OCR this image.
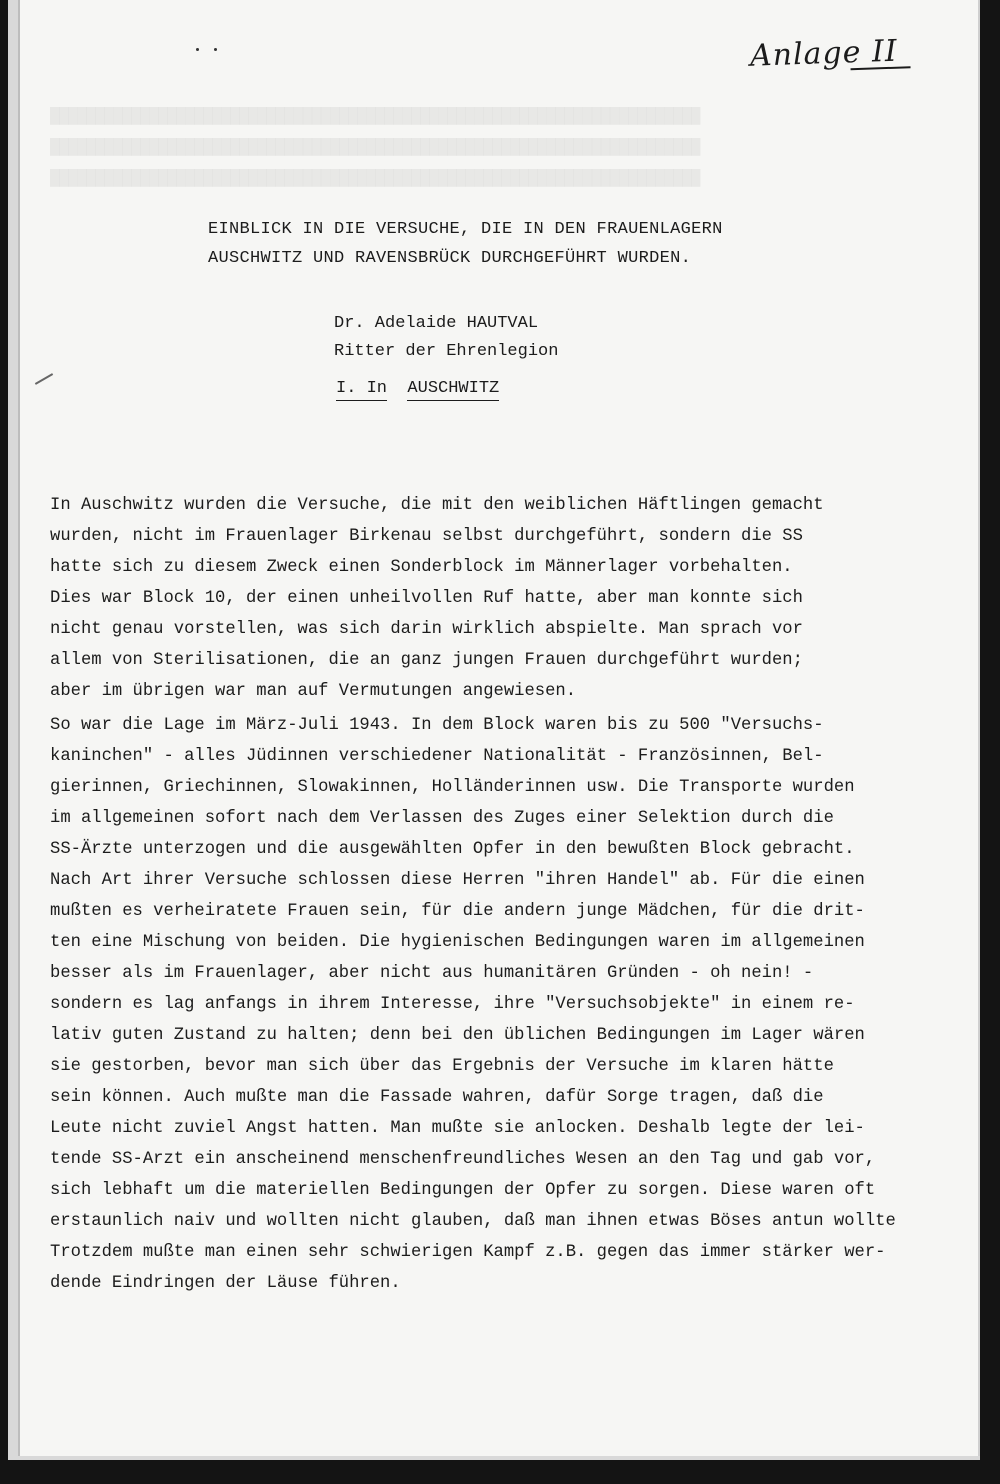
████████████████████████████████████████████████████████████████████████
████████████████████████████████████████████████████████████████████████
████████████████████████████████████████████████████████████████████████

Anlage II
EINBLICK IN DIE VERSUCHE, DIE IN DEN FRAUENLAGERN
AUSCHWITZ UND RAVENSBRÜCK DURCHGEFÜHRT WURDEN.
Dr. Adelaide HAUTVAL
Ritter der Ehrenlegion
I. In AUSCHWITZ
In Auschwitz wurden die Versuche, die mit den weiblichen Häftlingen gemacht
wurden, nicht im Frauenlager Birkenau selbst durchgeführt, sondern die SS
hatte sich zu diesem Zweck einen Sonderblock im Männerlager vorbehalten.
Dies war Block 10, der einen unheilvollen Ruf hatte, aber man konnte sich
nicht genau vorstellen, was sich darin wirklich abspielte. Man sprach vor
allem von Sterilisationen, die an ganz jungen Frauen durchgeführt wurden;
aber im übrigen war man auf Vermutungen angewiesen.
So war die Lage im März-Juli 1943. In dem Block waren bis zu 500 "Versuchs-
kaninchen" - alles Jüdinnen verschiedener Nationalität - Französinnen, Bel-
gierinnen, Griechinnen, Slowakinnen, Holländerinnen usw. Die Transporte wurden
im allgemeinen sofort nach dem Verlassen des Zuges einer Selektion durch die
SS-Ärzte unterzogen und die ausgewählten Opfer in den bewußten Block gebracht.
Nach Art ihrer Versuche schlossen diese Herren "ihren Handel" ab. Für die einen
mußten es verheiratete Frauen sein, für die andern junge Mädchen, für die drit-
ten eine Mischung von beiden. Die hygienischen Bedingungen waren im allgemeinen
besser als im Frauenlager, aber nicht aus humanitären Gründen - oh nein! -
sondern es lag anfangs in ihrem Interesse, ihre "Versuchsobjekte" in einem re-
lativ guten Zustand zu halten; denn bei den üblichen Bedingungen im Lager wären
sie gestorben, bevor man sich über das Ergebnis der Versuche im klaren hätte
sein können. Auch mußte man die Fassade wahren, dafür Sorge tragen, daß die
Leute nicht zuviel Angst hatten. Man mußte sie anlocken. Deshalb legte der lei-
tende SS-Arzt ein anscheinend menschenfreundliches Wesen an den Tag und gab vor,
sich lebhaft um die materiellen Bedingungen der Opfer zu sorgen. Diese waren oft
erstaunlich naiv und wollten nicht glauben, daß man ihnen etwas Böses antun wollte
Trotzdem mußte man einen sehr schwierigen Kampf z.B. gegen das immer stärker wer-
dende Eindringen der Läuse führen.
